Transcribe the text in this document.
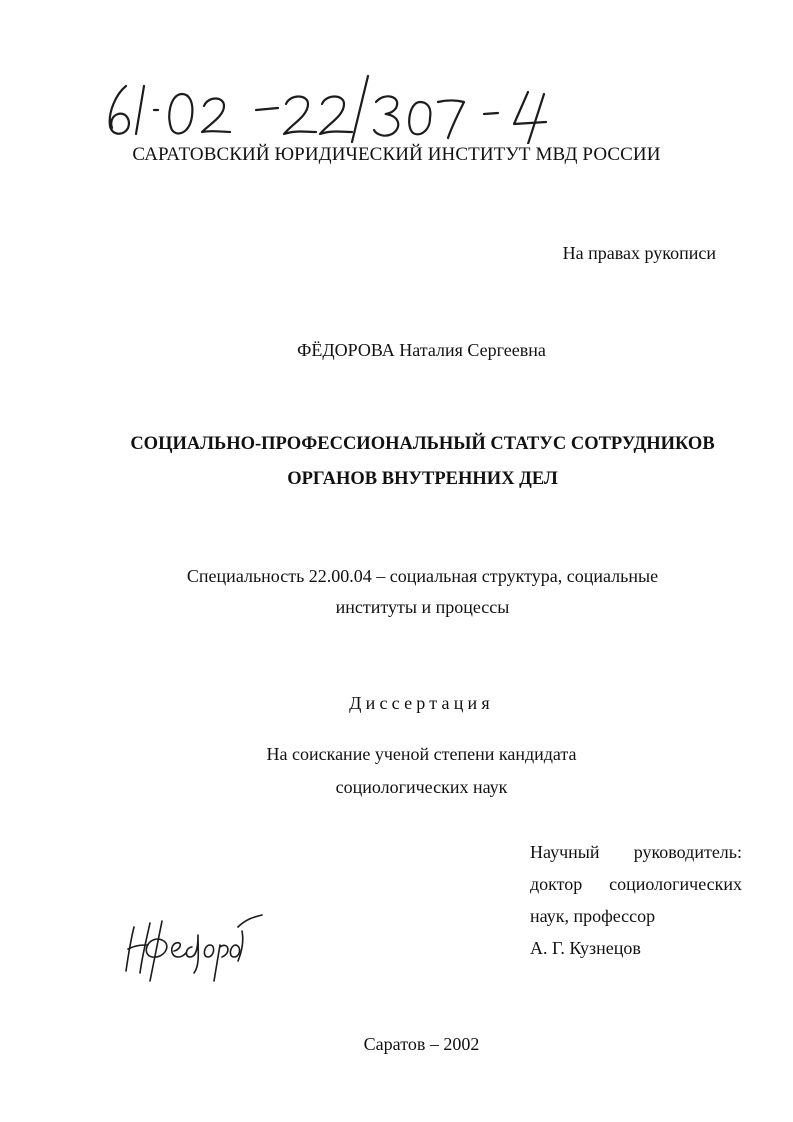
САРАТОВСКИЙ ЮРИДИЧЕСКИЙ ИНСТИТУТ МВД РОССИИ
На правах рукописи
ФЁДОРОВА Наталия Сергеевна
СОЦИАЛЬНО-ПРОФЕССИОНАЛЬНЫЙ СТАТУС СОТРУДНИКОВ
ОРГАНОВ ВНУТРЕННИХ ДЕЛ
Специальность 22.00.04 – социальная структура, социальные
институты и процессы
Диссертация
На соискание ученой степени кандидата
социологических наук
Научный руководитель:
доктор социологических
наук, профессор
А. Г. Кузнецов
Саратов – 2002
